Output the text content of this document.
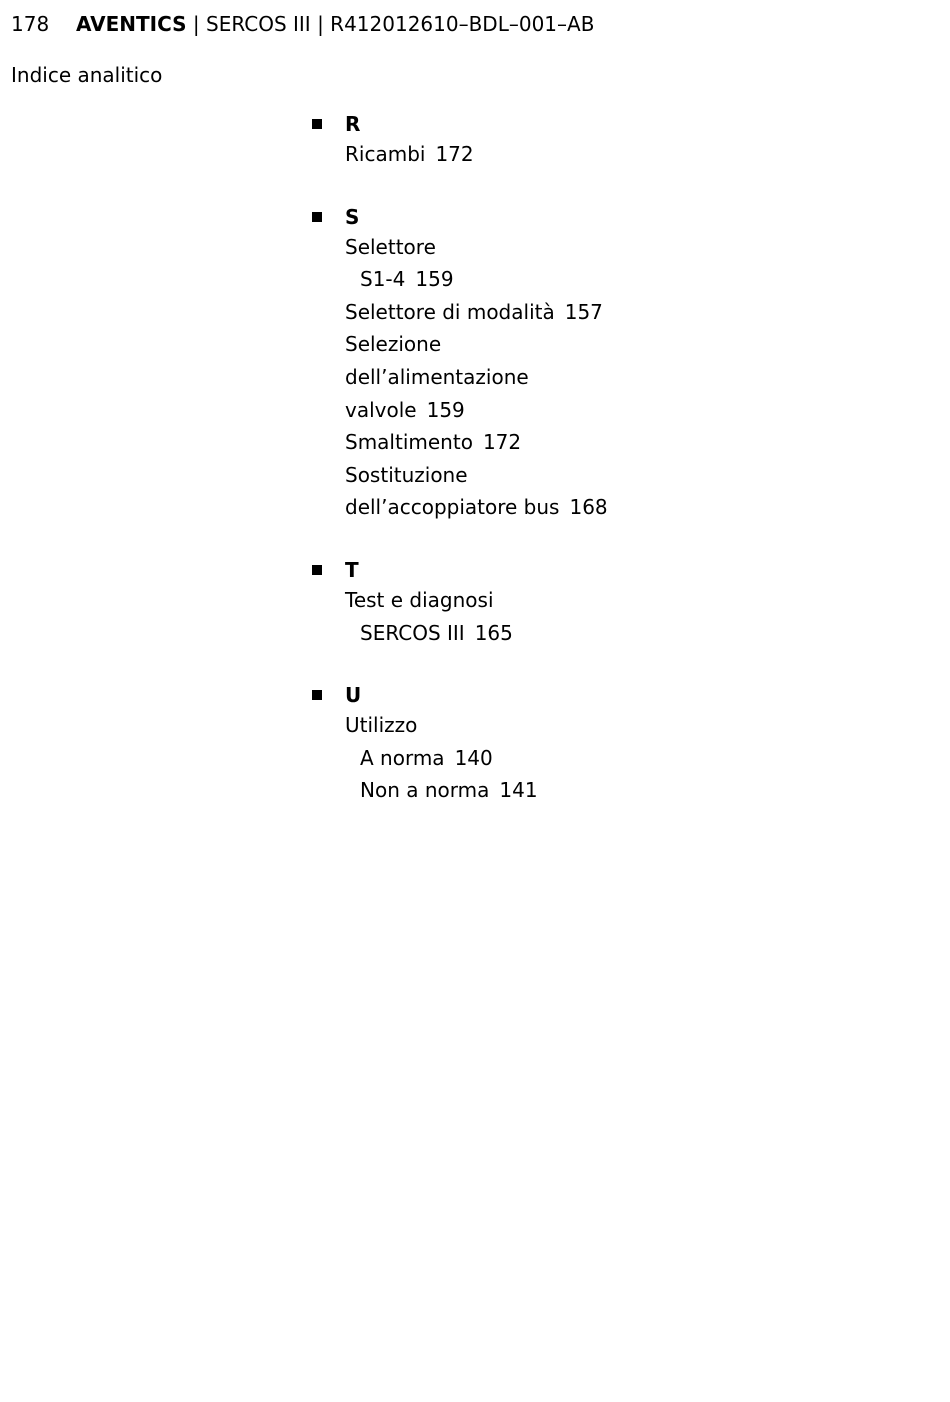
178 AVENTICS | SERCOS III | R412012610–BDL–001–AB
Indice analitico
R
Ricambi 172
S
Selettore
S1-4 159
Selettore di modalità 157
Selezione
dell’alimentazione
valvole 159
Smaltimento 172
Sostituzione
dell’accoppiatore bus 168
T
Test e diagnosi
SERCOS III 165
U
Utilizzo
A norma 140
Non a norma 141
